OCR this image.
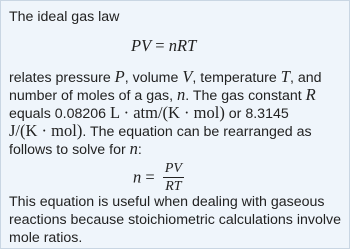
The ideal gas law
PV = nRT
relates pressure P, volume V, temperature T, and
number of moles of a gas, n. The gas constant R
equals 0.08206 L · atm/(K · mol) or 8.3145
J/(K · mol). The equation can be rearranged as
follows to solve for n:
$n = \frac{PV}{RT}$
This equation is useful when dealing with gaseous
reactions because stoichiometric calculations involve
mole ratios.
